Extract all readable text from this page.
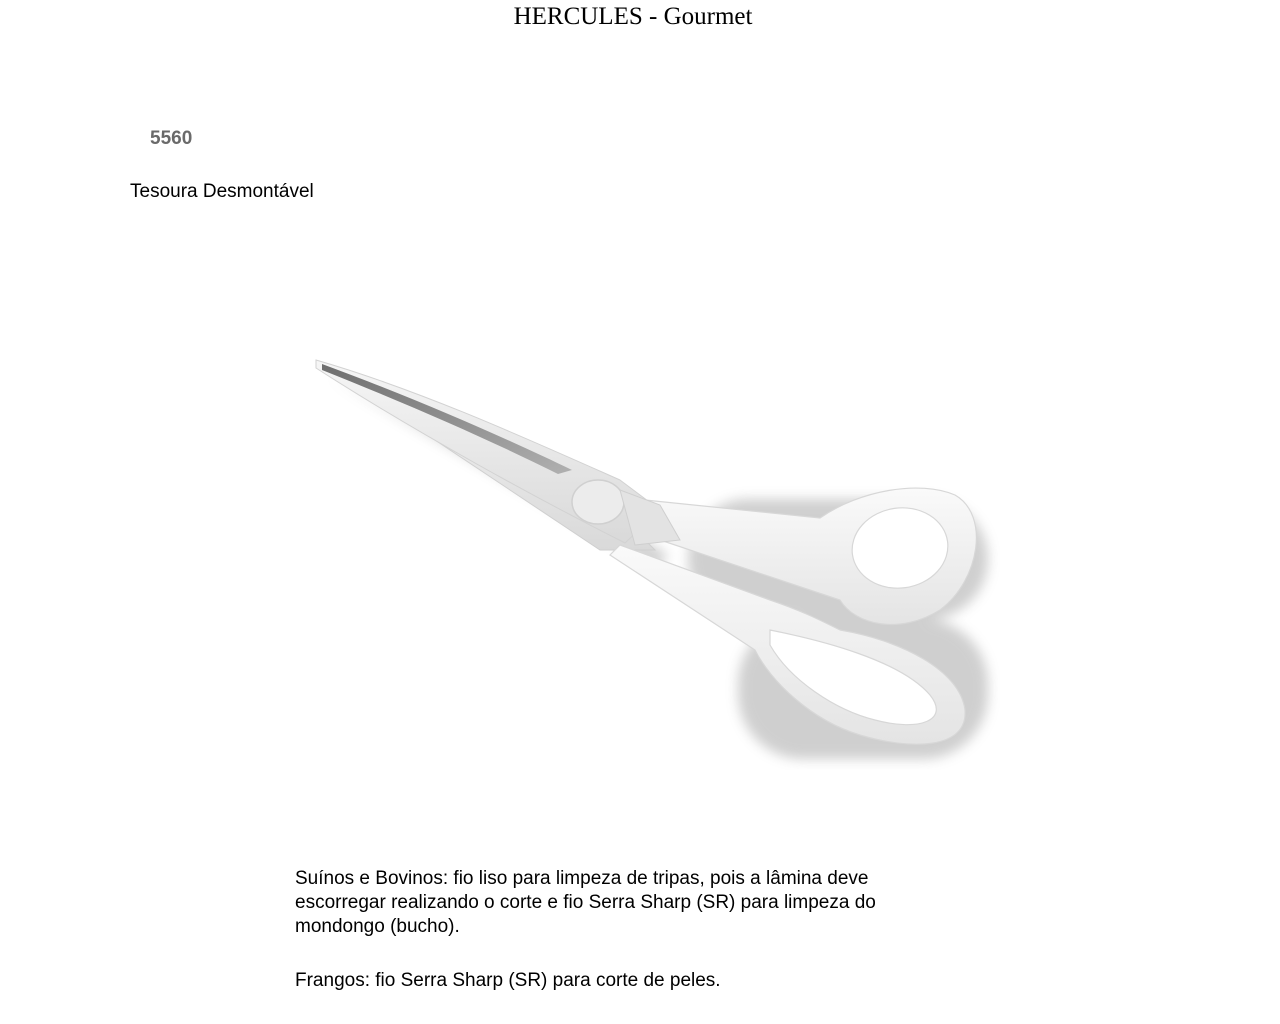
HERCULES - Gourmet
5560
Tesoura Desmontável

Suínos e Bovinos: fio liso para limpeza de tripas, pois a lâmina deve escorregar realizando o corte e fio Serra Sharp (SR) para limpeza do mondongo (bucho).

Frangos: fio Serra Sharp (SR) para corte de peles.
